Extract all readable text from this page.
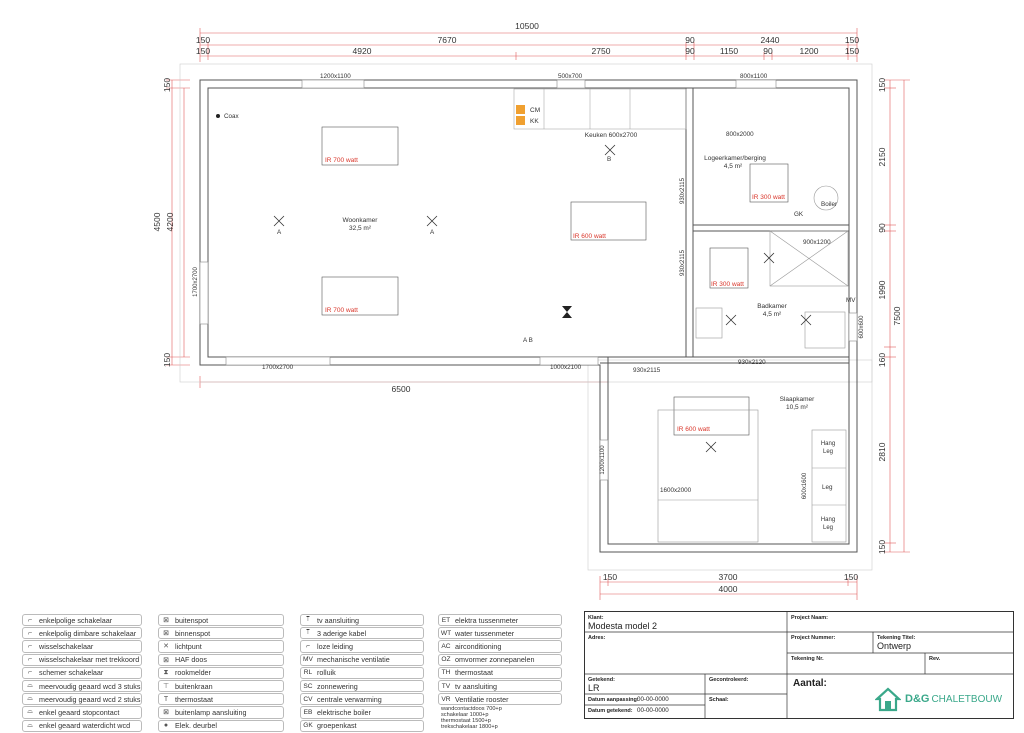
10500
150	7670	90	2440	150
150	4920	2750	90	1150	90	1200	150
6500
150	3700	150
4000
150
4500
150
4200
150
2150
90
1990
160
2810
150
7500
CM
KK
IR 700 watt
IR 700 watt
IR 600 watt
IR 300 watt
IR 300 watt
IR 600 watt
Woonkamer
32,5 m²
Keuken 600x2700
Logeerkamer/berging
4,5 m²
Badkamer
4,5 m²
Slaapkamer
10,5 m²
1200x1100	500x700	800x1100
1700x2700	1000x2100	930x2115
930x2120
800x2000
900x1200
1600x2000
Coax
Boiler
GK
MV
B
A	A
A B
Leg
Hang Leg
Hang Leg
1700x2700
930x2115
930x2115
600x600
1200x1100
600x1600
⌐ enkelpolige schakelaar
⌐ enkelpolig dimbare schakelaar
⌐ wisselschakelaar
⌐ wisselschakelaar met trekkoord
⌐ schemer schakelaar
⌓ meervoudig geaard wcd 3 stuks
⌓ meervoudig geaard wcd 2 stuks
⌓ enkel geaard stopcontact
⌓ enkel geaard waterdicht wcd
⊠ buitenspot
⊠ binnenspot
✕ lichtpunt
⊠ HAF doos
⧗ rookmelder
⊤ buitenkraan
T thermostaat
⊠ buitenlamp aansluiting
● Elek. deurbel
⍑ tv aansluiting
⍑ 3 aderige kabel
⌐ loze leiding
MV mechanische ventilatie
RL rolluik
SC zonnewering
CV centrale verwarming
EB elektrische boiler
GK groepenkast
ET elektra tussenmeter
WT water tussenmeter
AC airconditioning
OZ omvormer zonnepanelen
TH thermostaat
TV tv aansluiting
VR Ventilatie rooster
wandcontactdoos 700+p
schakelaar 1000+p
thermostaat 1500+p
trekschakelaar 1800+p
Klant:
Modesta model 2
Adres:
Project Naam:
Project Nummer:	Tekening Titel:
Ontwerp
Tekening Nr.	Rev.
Getekend:
LR
Gecontroleerd:
Datum aanpassing:
00-00-0000
Datum getekend: 00-00-0000
Schaal:
Aantal:
D&G CHALETBOUW
